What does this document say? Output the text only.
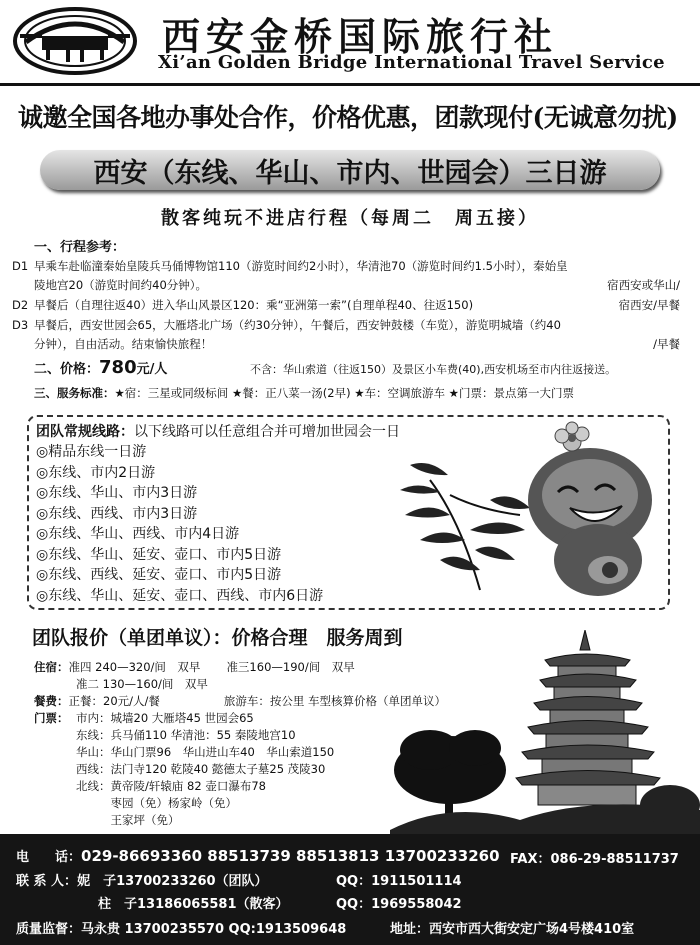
西安金桥国际旅行社
Xi’an Golden Bridge International Travel Service
诚邀全国各地办事处合作，价格优惠，团款现付(无诚意勿扰)
西安（东线、华山、市内、世园会）三日游
散客纯玩不进店行程（每周二　周五接）
一、行程参考：
D1 早乘车赴临潼秦始皇陵兵马俑博物馆110（游览时间约2小时），华清池70（游览时间约1.5小时），秦始皇
陵地宫20（游览时间约40分钟）。	宿西安或华山/
D2 早餐后（自理往返40）进入华山风景区120：乘“亚洲第一索”(自理单程40、往返150)	宿西安/早餐
D3 早餐后，西安世园会65，大雁塔北广场（约30分钟），午餐后，西安钟鼓楼（车览），游览明城墙（约40
分钟），自由活动。结束愉快旅程！	/早餐
二、价格：780元/人	不含：华山索道（往返150）及景区小车费(40),西安机场至市内往返接送。
三、服务标准：★宿：三星或同级标间 ★餐：正八菜一汤(2早) ★车：空调旅游车 ★门票：景点第一大门票
团队常规线路：以下线路可以任意组合并可增加世园会一日
◎精品东线一日游
◎东线、市内2日游
◎东线、华山、市内3日游
◎东线、西线、市内3日游
◎东线、华山、西线、市内4日游
◎东线、华山、延安、壶口、市内5日游
◎东线、西线、延安、壶口、市内5日游
◎东线、华山、延安、壶口、西线、市内6日游
团队报价（单团单议）：价格合理　服务周到
住宿：准四 240—320/间　双早 准三160—190/间　双早
准二 130—160/间　双早
餐费：正餐：20元/人/餐	旅游车：按公里 车型核算价格（单团单议）
门票： 市内：城墙20 大雁塔45 世园会65
东线：兵马俑110 华清池：55 秦陵地宫10
华山：华山门票96　华山进山车40　华山索道150
西线：法门寺120 乾陵40 懿德太子墓25 茂陵30
北线：黄帝陵/轩辕庙 82 壶口瀑布78
　　　枣园（免）杨家岭（免）
　　　王家坪（免）
电　　话：029-86693360 88513739 88513813 13700233260 FAX：086-29-88511737
联 系 人：妮　子13700233260（团队）	QQ：1911501114
柱　子13186065581（散客）	QQ：1969558042
质量监督：马永贵 13700235570 QQ:1913509648	地址：西安市西大街安定广场4号楼410室
